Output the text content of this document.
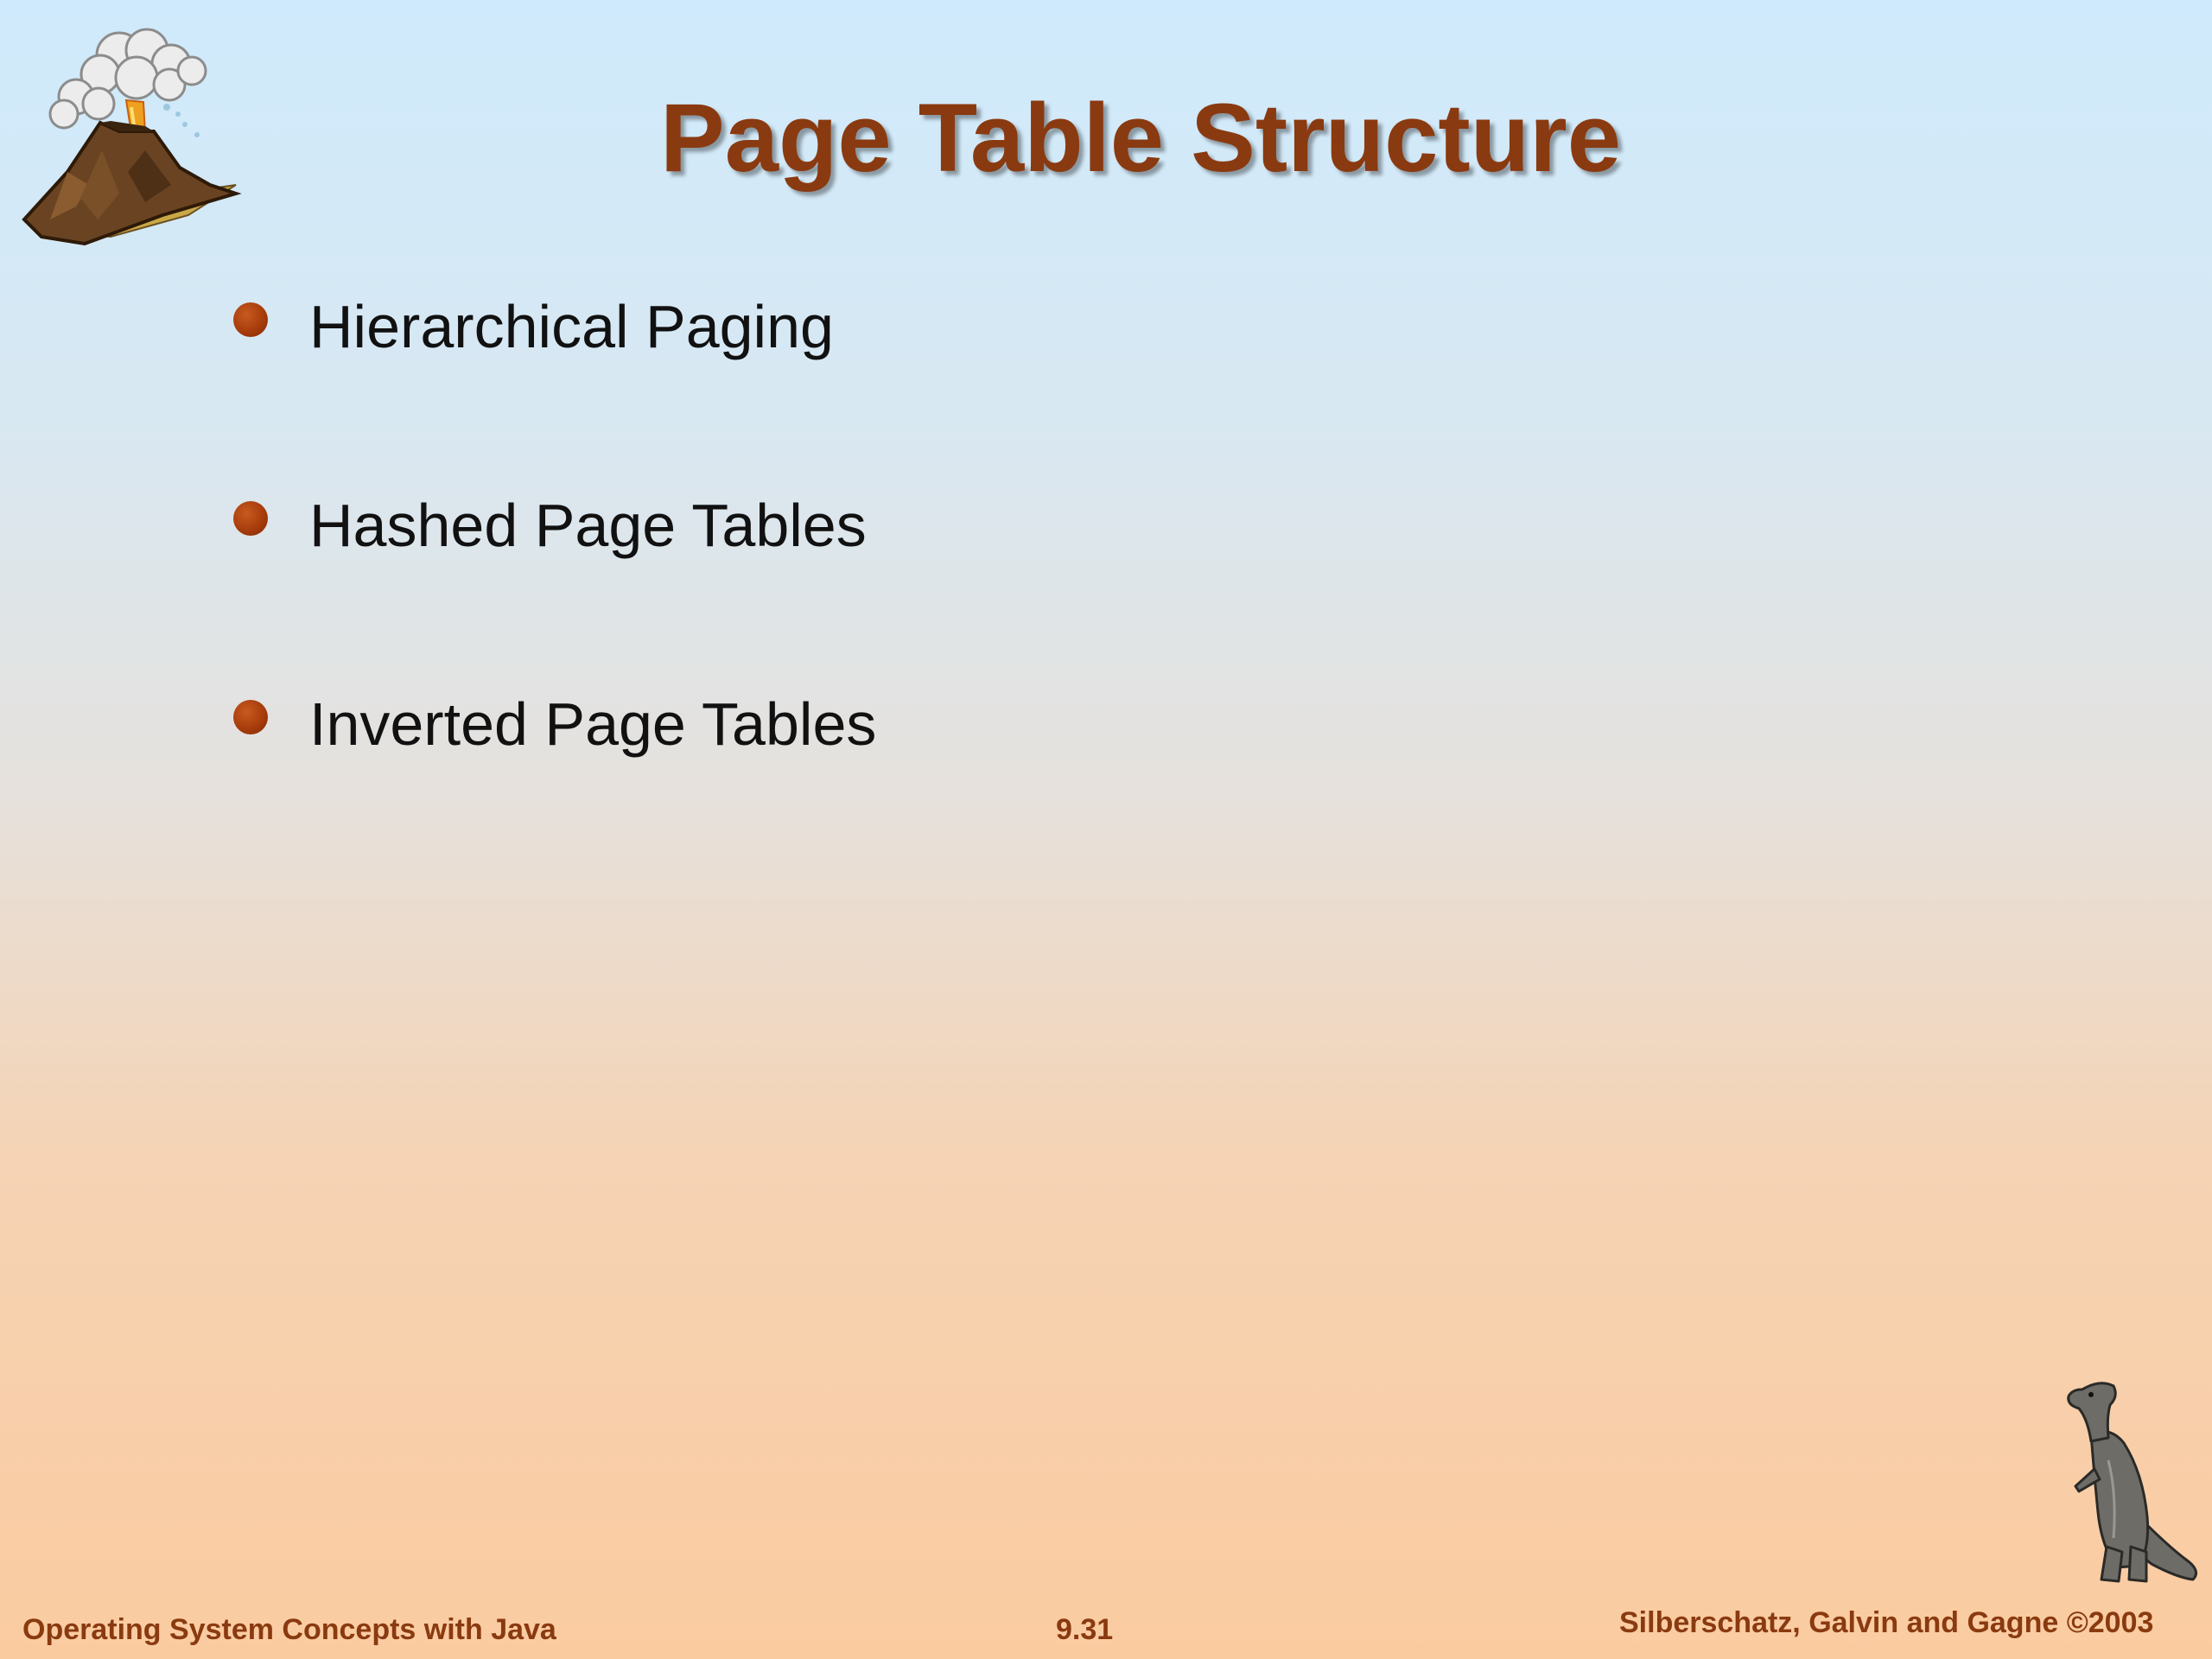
Page Table Structure
Hierarchical Paging
Hashed Page Tables
Inverted Page Tables
Operating System Concepts with Java	9.31	Silberschatz, Galvin and Gagne ©2003
